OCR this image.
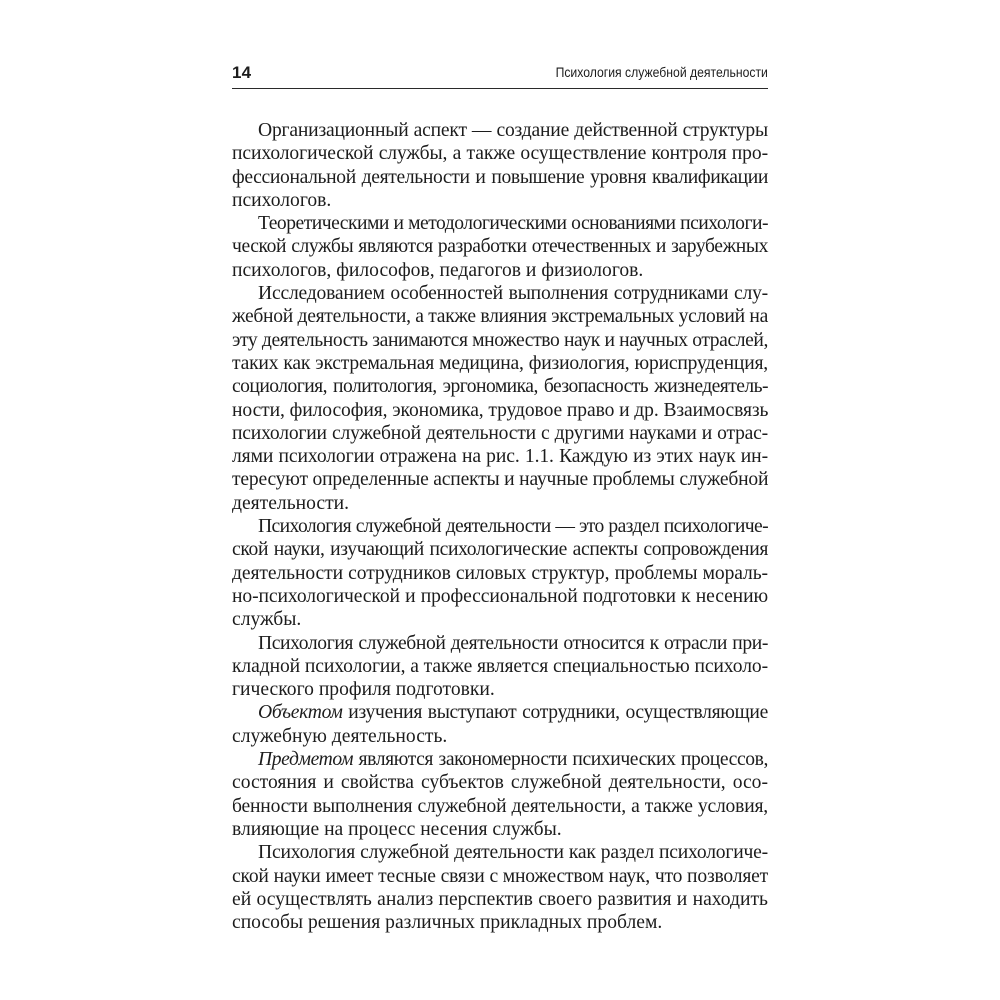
14	Психология служебной деятельности

Организационный аспект — создание действенной структуры
психологической службы, а также осуществление контроля про-
фессиональной деятельности и повышение уровня квалификации
психологов.

Теоретическими и методологическими основаниями психологи-
ческой службы являются разработки отечественных и зарубежных
психологов, философов, педагогов и физиологов.

Исследованием особенностей выполнения сотрудниками слу-
жебной деятельности, а также влияния экстремальных условий на
эту деятельность занимаются множество наук и научных отраслей,
таких как экстремальная медицина, физиология, юриспруденция,
социология, политология, эргономика, безопасность жизнедеятель-
ности, философия, экономика, трудовое право и др. Взаимосвязь
психологии служебной деятельности с другими науками и отрас-
лями психологии отражена на рис. 1.1. Каждую из этих наук ин-
тересуют определенные аспекты и научные проблемы служебной
деятельности.

Психология служебной деятельности — это раздел психологиче-
ской науки, изучающий психологические аспекты сопровождения
деятельности сотрудников силовых структур, проблемы мораль-
но-психологической и профессиональной подготовки к несению
службы.

Психология служебной деятельности относится к отрасли при-
кладной психологии, а также является специальностью психоло-
гического профиля подготовки.

Объектом изучения выступают сотрудники, осуществляющие
служебную деятельность.

Предметом являются закономерности психических процессов,
состояния и свойства субъектов служебной деятельности, осо-
бенности выполнения служебной деятельности, а также условия,
влияющие на процесс несения службы.

Психология служебной деятельности как раздел психологиче-
ской науки имеет тесные связи с множеством наук, что позволяет
ей осуществлять анализ перспектив своего развития и находить
способы решения различных прикладных проблем.
